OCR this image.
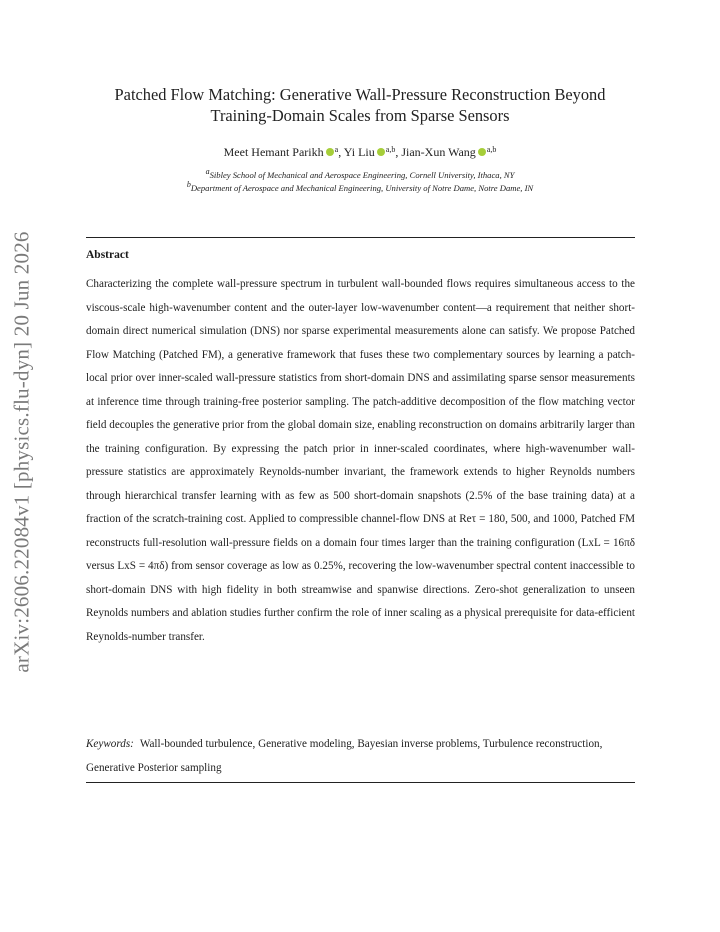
arXiv:2606.22084v1 [physics.flu-dyn] 20 Jun 2026
Patched Flow Matching: Generative Wall-Pressure Reconstruction Beyond Training-Domain Scales from Sparse Sensors
Meet Hemant Parikh $^a$, Yi Liu $^{a,b}$, Jian-Xun Wang $^{a,b}$
$^a$Sibley School of Mechanical and Aerospace Engineering, Cornell University, Ithaca, NY
$^b$Department of Aerospace and Mechanical Engineering, University of Notre Dame, Notre Dame, IN
Abstract

Characterizing the complete wall-pressure spectrum in turbulent wall-bounded flows requires simultaneous access to the viscous-scale high-wavenumber content and the outer-layer low-wavenumber content—a requirement that neither short-domain direct numerical simulation (DNS) nor sparse experimental measurements alone can satisfy. We propose Patched Flow Matching (Patched FM), a generative framework that fuses these two complementary sources by learning a patch-local prior over inner-scaled wall-pressure statistics from short-domain DNS and assimilating sparse sensor measurements at inference time through training-free posterior sampling. The patch-additive decomposition of the flow matching vector field decouples the generative prior from the global domain size, enabling reconstruction on domains arbitrarily larger than the training configuration. By expressing the patch prior in inner-scaled coordinates, where high-wavenumber wall-pressure statistics are approximately Reynolds-number invariant, the framework extends to higher Reynolds numbers through hierarchical transfer learning with as few as 500 short-domain snapshots (2.5% of the base training data) at a fraction of the scratch-training cost. Applied to compressible channel-flow DNS at Reτ = 180, 500, and 1000, Patched FM reconstructs full-resolution wall-pressure fields on a domain four times larger than the training configuration (LxL = 16πδ versus LxS = 4πδ) from sensor coverage as low as 0.25%, recovering the low-wavenumber spectral content inaccessible to short-domain DNS with high fidelity in both streamwise and spanwise directions. Zero-shot generalization to unseen Reynolds numbers and ablation studies further confirm the role of inner scaling as a physical prerequisite for data-efficient Reynolds-number transfer.

Keywords: Wall-bounded turbulence, Generative modeling, Bayesian inverse problems, Turbulence reconstruction, Generative Posterior sampling
